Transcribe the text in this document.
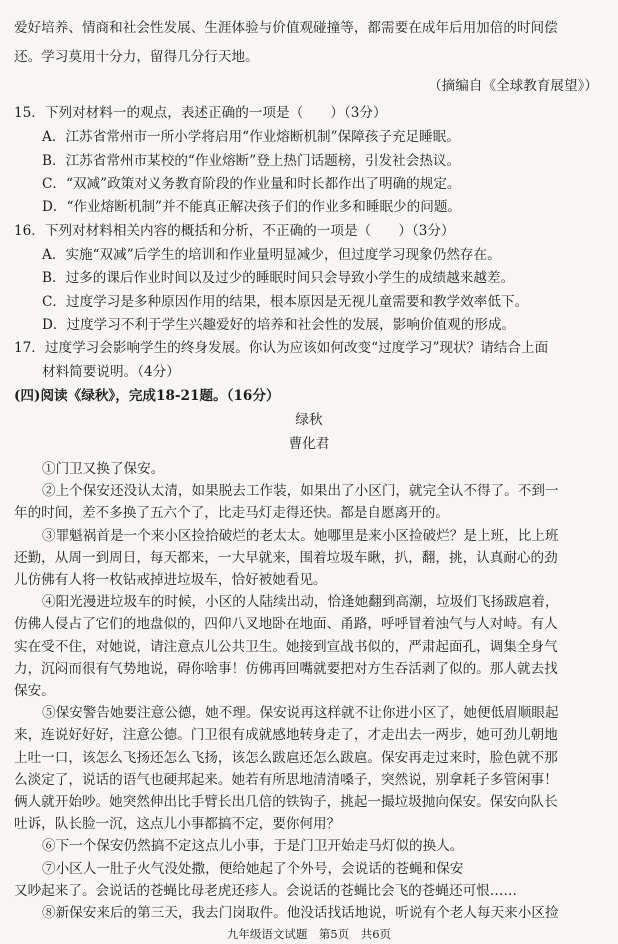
爱好培养、情商和社会性发展、生涯体验与价值观碰撞等，都需要在成年后用加倍的时间偿
还。学习莫用十分力，留得几分行天地。
（摘编自《全球教育展望》）
15．下列对材料一的观点，表述正确的一项是（　　）（3分）
A．江苏省常州市一所小学将启用“作业熔断机制”保障孩子充足睡眠。
B．江苏省常州市某校的“作业熔断”登上热门话题榜，引发社会热议。
C．“双减”政策对义务教育阶段的作业量和时长都作出了明确的规定。
D．“作业熔断机制”并不能真正解决孩子们的作业多和睡眠少的问题。
16．下列对材料相关内容的概括和分析，不正确的一项是（　　）（3分）
A．实施“双减”后学生的培训和作业量明显减少，但过度学习现象仍然存在。
B．过多的课后作业时间以及过少的睡眠时间只会导致小学生的成绩越来越差。
C．过度学习是多种原因作用的结果，根本原因是无视儿童需要和教学效率低下。
D．过度学习不利于学生兴趣爱好的培养和社会性的发展，影响价值观的形成。
17．过度学习会影响学生的终身发展。你认为应该如何改变“过度学习”现状？请结合上面
材料简要说明。（4分）
(四)阅读《绿秋》，完成18-21题。（16分）
绿秋
曹化君
①门卫又换了保安。
②上个保安还没认太清，如果脱去工作装，如果出了小区门，就完全认不得了。不到一
年的时间，差不多换了五六个了，比走马灯走得还快。都是自愿离开的。
③罪魁祸首是一个来小区捡拾破烂的老太太。她哪里是来小区捡破烂？是上班，比上班
还勤，从周一到周日，每天都来，一大早就来，围着垃圾车瞅，扒，翻，挑，认真耐心的劲
儿仿佛有人将一枚钻戒掉进垃圾车，恰好被她看见。
④阳光漫进垃圾车的时候，小区的人陆续出动，恰逢她翻到高潮，垃圾们飞扬跋扈着，
仿佛人侵占了它们的地盘似的，四仰八叉地卧在地面、甬路，呼呼冒着浊气与人对峙。有人
实在受不住，对她说，请注意点儿公共卫生。她接到宣战书似的，严肃起面孔，调集全身气
力，沉闷而很有气势地说，碍你啥事！仿佛再回嘴就要把对方生吞活剥了似的。那人就去找
保安。
⑤保安警告她要注意公德，她不理。保安说再这样就不让你进小区了，她便低眉顺眼起
来，连说好好好，注意公德。门卫很有成就感地转身走了，才走出去一两步，她可劲儿朝地
上吐一口，该怎么飞扬还怎么飞扬，该怎么跋扈还怎么跋扈。保安再走过来时，脸色就不那
么淡定了，说话的语气也硬邦起来。她若有所思地清清嗓子，突然说，别拿耗子多管闲事！
俩人就开始吵。她突然伸出比手臂长出几倍的铁钩子，挑起一撮垃圾抛向保安。保安向队长
吐诉，队长脸一沉，这点儿小事都搞不定，要你何用？
⑥下一个保安仍然搞不定这点儿小事，于是门卫开始走马灯似的换人。
⑦小区人一肚子火气没处撒，便给她起了个外号，会说话的苍蝇和保安
又吵起来了。会说话的苍蝇比母老虎还疹人。会说话的苍蝇比会飞的苍蝇还可恨……
⑧新保安来后的第三天，我去门岗取件。他没话找话地说，听说有个老人每天来小区捡
九年级语文试题　第5页　共6页
